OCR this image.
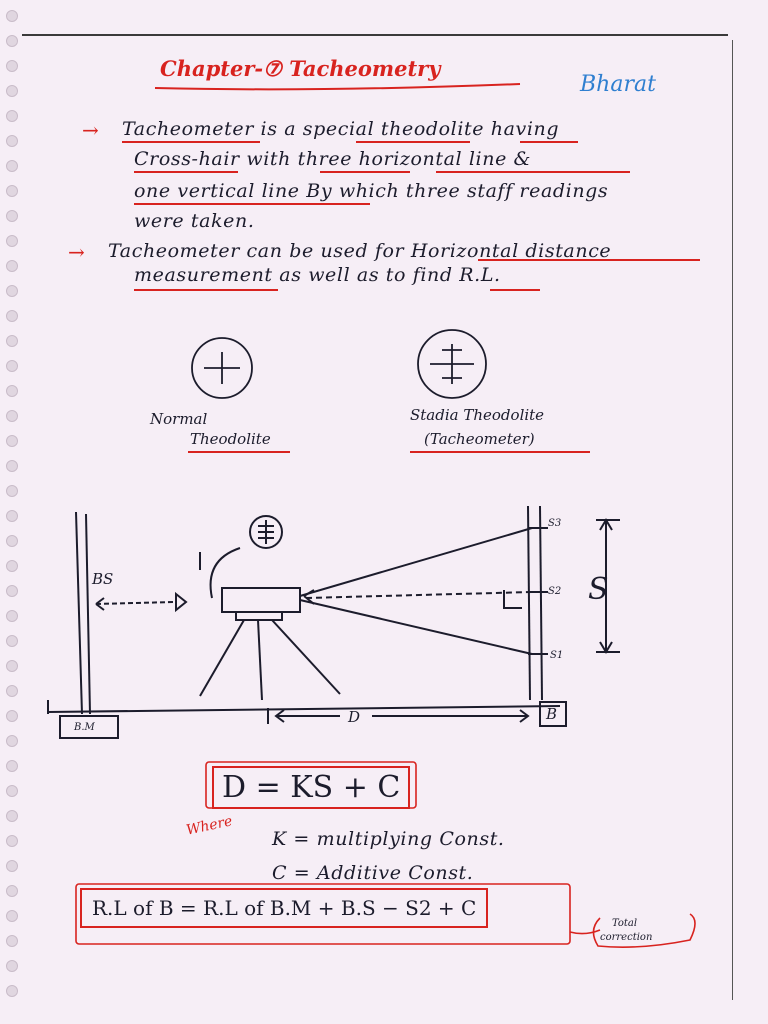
Chapter-⑦ Tacheometry
Bharat
→ Tacheometer is a special theodolite having
Cross-hair with three horizontal line &
one vertical line By which three staff readings
were taken.
→ Tacheometer can be used for Horizontal distance
measurement as well as to find R.L.
Normal
Theodolite
Stadia Theodolite
(Tacheometer)
BS
B.M
B
D
S
S3
S2
S1
D = KS + C
Where
K = multiplying Const.
C = Additive Const.
R.L of B = R.L of B.M + B.S − S2 + C
Total
correction
